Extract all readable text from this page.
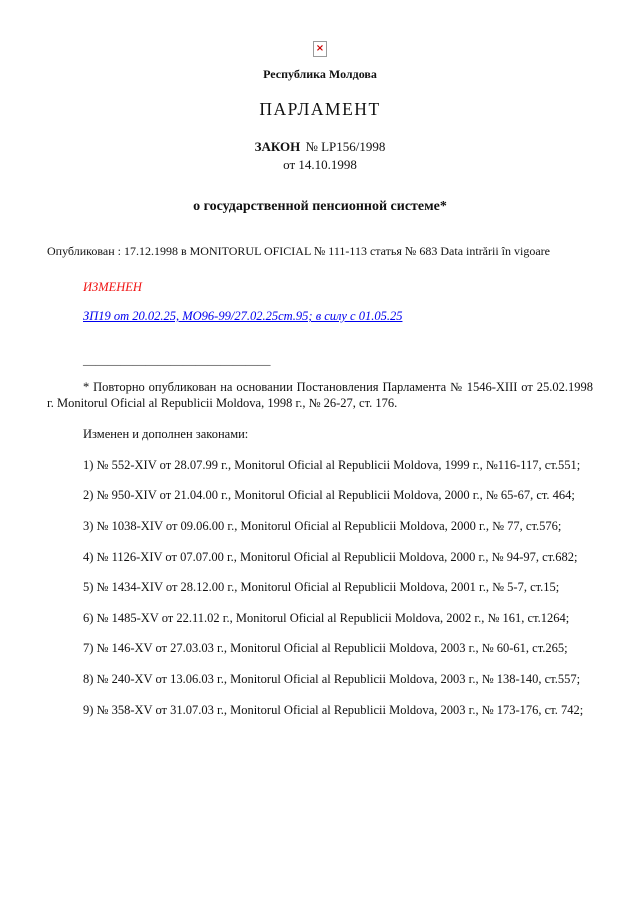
×
Республика Молдова
ПАРЛАМЕНТ
ЗАКОН № LP156/1998
от 14.10.1998
о государственной пенсионной системе*
Опубликован : 17.12.1998 в MONITORUL OFICIAL № 111-113 статья № 683 Data intrării în vigoare
ИЗМЕНЕН
ЗП19 от 20.02.25, МО96-99/27.02.25ст.95; в силу с 01.05.25
______________________________

* Повторно опубликован на основании Постановления Парламента № 1546-XIII от 25.02.1998 г. Monitorul Oficial al Republicii Moldova, 1998 г., № 26-27, ст. 176.

Изменен и дополнен законами:

1) № 552-XIV от 28.07.99 г., Monitorul Oficial al Republicii Moldova, 1999 г., №116-117, ст.551;

2) № 950-XIV от 21.04.00 г., Monitorul Oficial al Republicii Moldova, 2000 г., № 65-67, ст. 464;

3) № 1038-XIV от 09.06.00 г., Monitorul Oficial al Republicii Moldova, 2000 г., № 77, ст.576;

4) № 1126-XIV от 07.07.00 г., Monitorul Oficial al Republicii Moldova, 2000 г., № 94-97, ст.682;

5) № 1434-XIV от 28.12.00 г., Monitorul Oficial al Republicii Moldova, 2001 г., № 5-7, ст.15;

6) № 1485-XV от 22.11.02 г., Monitorul Oficial al Republicii Moldova, 2002 г., № 161, ст.1264;

7) № 146-XV от 27.03.03 г., Monitorul Oficial al Republicii Moldova, 2003 г., № 60-61, ст.265;

8) № 240-XV от 13.06.03 г., Monitorul Oficial al Republicii Moldova, 2003 г., № 138-140, ст.557;

9) № 358-XV от 31.07.03 г., Monitorul Oficial al Republicii Moldova, 2003 г., № 173-176, ст. 742;
